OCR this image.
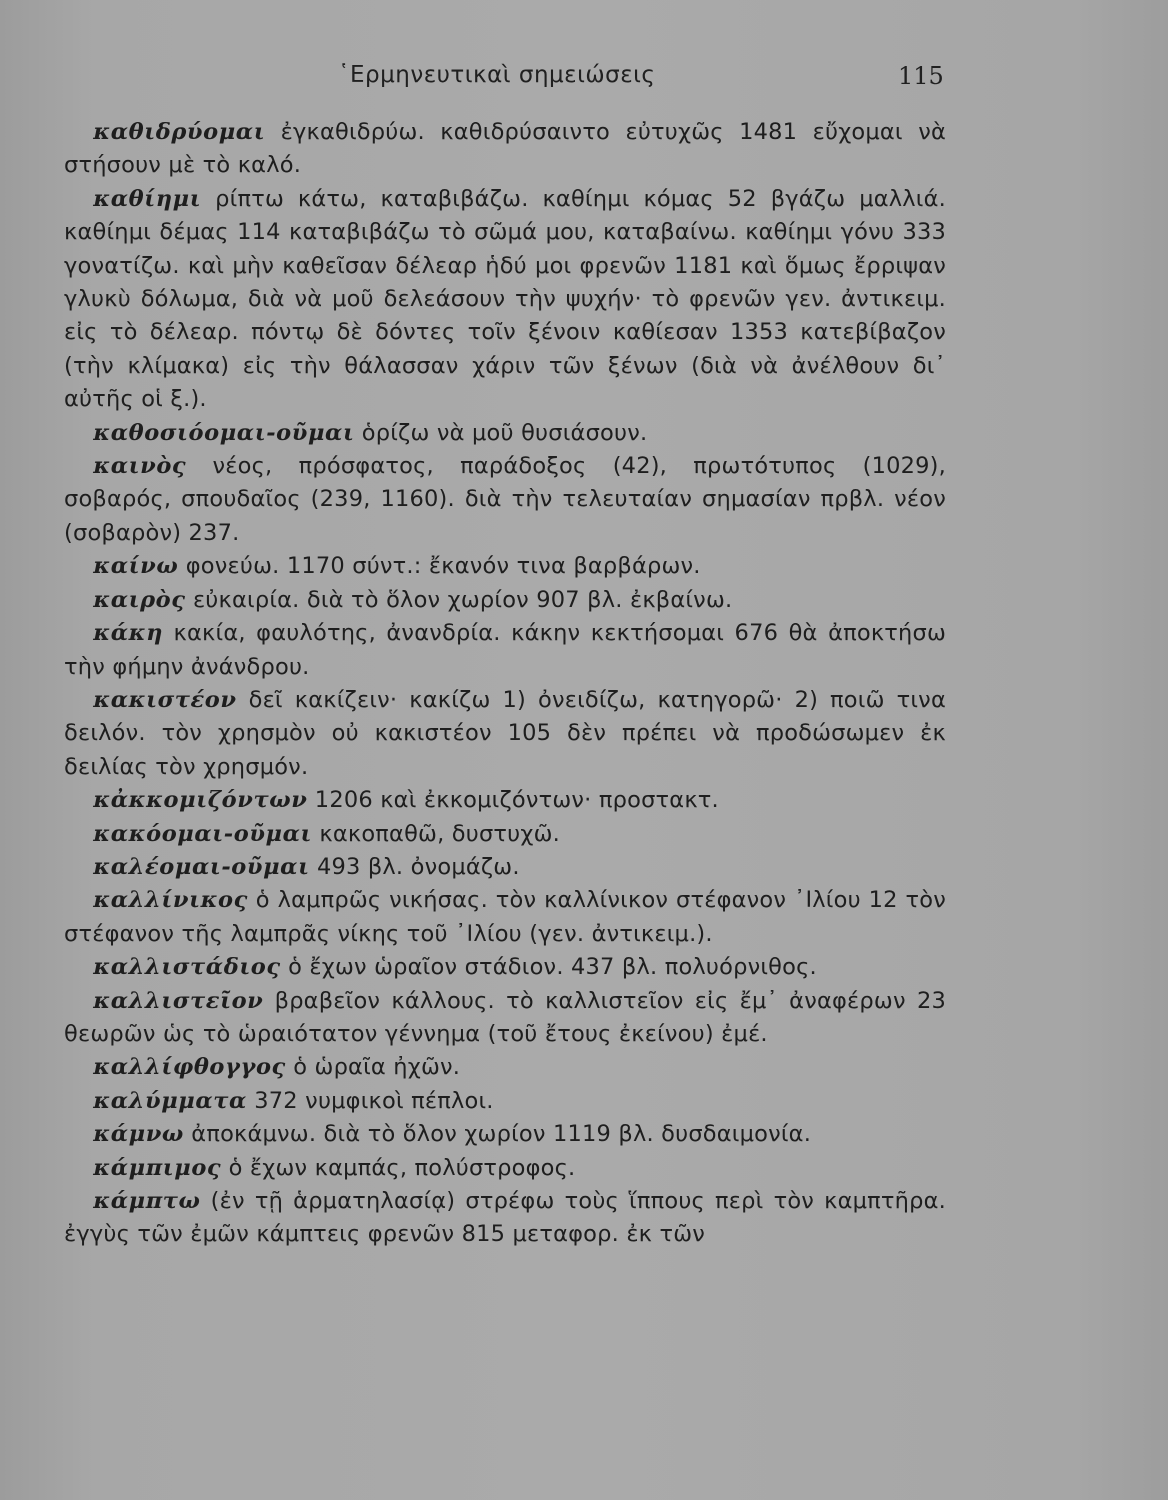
῾Ερμηνευτικαὶ σημειώσεις	115

καθιδρύομαι ἐγκαθιδρύω. καθιδρύσαιντο εὐτυχῶς 1481 εὔχομαι νὰ στήσουν μὲ τὸ καλό.

καθίημι ρίπτω κάτω, καταβιβάζω. καθίημι κόμας 52 βγάζω μαλλιά. καθίημι δέμας 114 καταβιβάζω τὸ σῶμά μου, καταβαίνω. καθίημι γόνυ 333 γονατίζω. καὶ μὴν καθεῖσαν δέλεαρ ἡδύ μοι φρενῶν 1181 καὶ ὅμως ἔρριψαν γλυκὺ δόλωμα, διὰ νὰ μοῦ δελεάσουν τὴν ψυχήν· τὸ φρενῶν γεν. ἀντικειμ. εἰς τὸ δέλεαρ. πόντῳ δὲ δόντες τοῖν ξένοιν καθίεσαν 1353 κατεβίβαζον (τὴν κλίμακα) εἰς τὴν θάλασσαν χάριν τῶν ξένων (διὰ νὰ ἀνέλθουν δι᾿ αὐτῆς οἱ ξ.).

καθοσιόομαι-οῦμαι ὁρίζω νὰ μοῦ θυσιάσουν.

καινὸς νέος, πρόσφατος, παράδοξος (42), πρωτότυπος (1029), σοβαρός, σπουδαῖος (239, 1160). διὰ τὴν τελευταίαν σημασίαν πρβλ. νέον (σοβαρὸν) 237.

καίνω φονεύω. 1170 σύντ.: ἔκανόν τινα βαρβάρων.

καιρὸς εὐκαιρία. διὰ τὸ ὅλον χωρίον 907 βλ. ἐκβαίνω.

κάκη κακία, φαυλότης, ἀνανδρία. κάκην κεκτήσομαι 676 θὰ ἀποκτήσω τὴν φήμην ἀνάνδρου.

κακιστέον δεῖ κακίζειν· κακίζω 1) ὀνειδίζω, κατηγορῶ· 2) ποιῶ τινα δειλόν. τὸν χρησμὸν οὐ κακιστέον 105 δὲν πρέπει νὰ προδώσωμεν ἐκ δειλίας τὸν χρησμόν.

κἀκκομιζόντων 1206 καὶ ἐκκομιζόντων· προστακτ.

κακόομαι-οῦμαι κακοπαθῶ, δυστυχῶ.

καλέομαι-οῦμαι 493 βλ. ὀνομάζω.

καλλίνικος ὁ λαμπρῶς νικήσας. τὸν καλλίνικον στέφανον ᾿Ιλίου 12 τὸν στέφανον τῆς λαμπρᾶς νίκης τοῦ ᾿Ιλίου (γεν. ἀντικειμ.).

καλλιστάδιος ὁ ἔχων ὡραῖον στάδιον. 437 βλ. πολυόρνιθος.

καλλιστεῖον βραβεῖον κάλλους. τὸ καλλιστεῖον εἰς ἔμ᾿ ἀναφέρων 23 θεωρῶν ὡς τὸ ὡραιότατον γέννημα (τοῦ ἔτους ἐκείνου) ἐμέ.

καλλίφθογγος ὁ ὡραῖα ἠχῶν.

καλύμματα 372 νυμφικοὶ πέπλοι.

κάμνω ἀποκάμνω. διὰ τὸ ὅλον χωρίον 1119 βλ. δυσδαιμονία.

κάμπιμος ὁ ἔχων καμπάς, πολύστροφος.

κάμπτω (ἐν τῇ ἁρματηλασίᾳ) στρέφω τοὺς ἵππους περὶ τὸν καμπτῆρα. ἐγγὺς τῶν ἐμῶν κάμπτεις φρενῶν 815 μεταφορ. ἐκ τῶν
